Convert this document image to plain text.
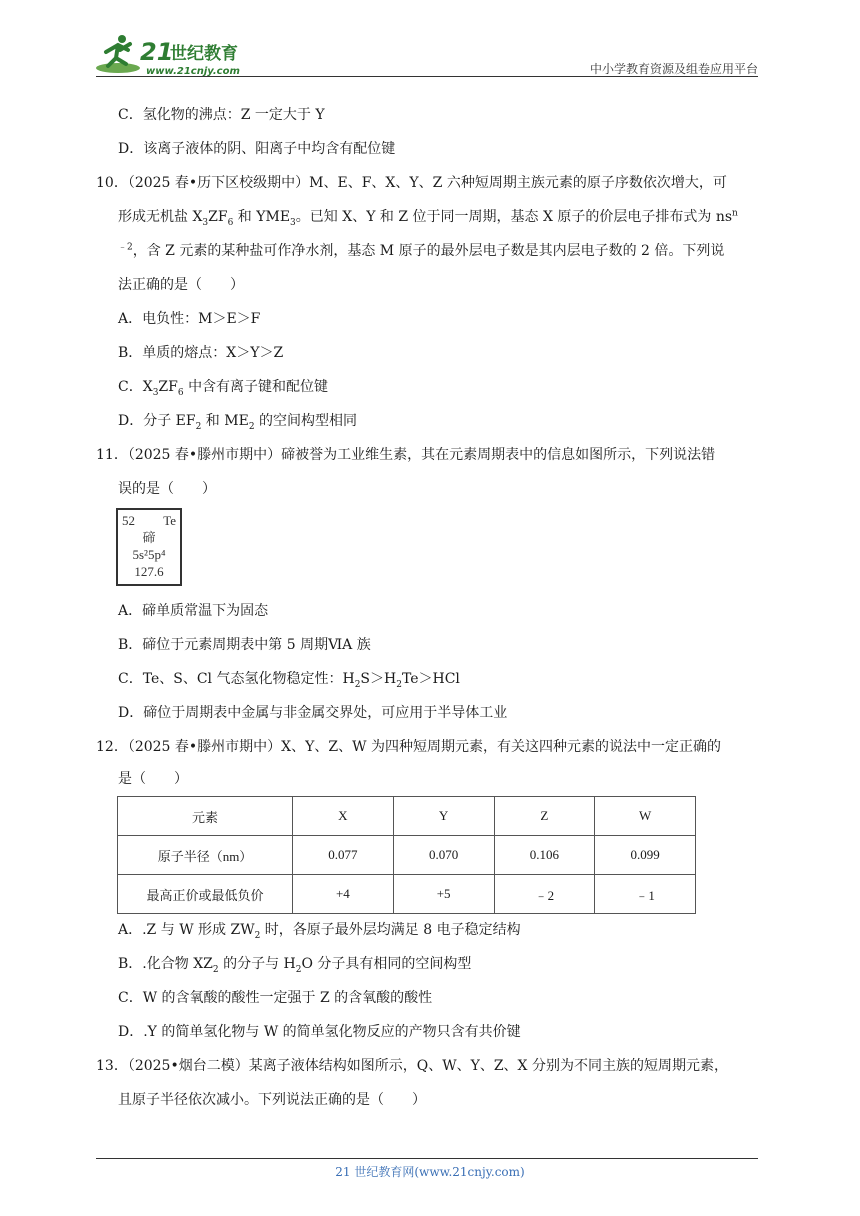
21
世纪教育
www.21cnjy.com	中小学教育资源及组卷应用平台
C．氢化物的沸点：Z 一定大于 Y
D．该离子液体的阴、阳离子中均含有配位键
10．（2025 春•历下区校级期中）M、E、F、X、Y、Z 六种短周期主族元素的原子序数依次增大，可
形成无机盐 $X_3ZF_6$ 和 $YME_3$。已知 X、Y 和 Z 位于同一周期，基态 X 原子的价层电子排布式为 $ns^n$
$^{﹣2}$，含 Z 元素的某种盐可作净水剂，基态 M 原子的最外层电子数是其内层电子数的 2 倍。下列说
法正确的是（　　）
A．电负性：M＞E＞F
B．单质的熔点：X＞Y＞Z
C．$X_3ZF_6$ 中含有离子键和配位键
D．分子 $EF_2$ 和 $ME_2$ 的空间构型相同
11．（2025 春•滕州市期中）碲被誉为工业维生素，其在元素周期表中的信息如图所示，下列说法错
误的是（　　）
52 Te
碲
5s²5p⁴
127.6
A．碲单质常温下为固态
B．碲位于元素周期表中第 5 周期ⅥA 族
C．Te、S、Cl 气态氢化物稳定性：$H_2S>H_2Te>HCl$
D．碲位于周期表中金属与非金属交界处，可应用于半导体工业
12．（2025 春•滕州市期中）X、Y、Z、W 为四种短周期元素，有关这四种元素的说法中一定正确的
是（　　）
元素	X	Y	Z	W
原子半径（nm）	0.077	0.070	0.106	0.099
最高正价或最低负价	+4	+5	﹣2	﹣1
A．.Z 与 W 形成 $ZW_2$ 时，各原子最外层均满足 8 电子稳定结构
B．.化合物 $XZ_2$ 的分子与 $H_2O$ 分子具有相同的空间构型
C．W 的含氧酸的酸性一定强于 Z 的含氧酸的酸性
D．.Y 的简单氢化物与 W 的简单氢化物反应的产物只含有共价键
13．（2025•烟台二模）某离子液体结构如图所示，Q、W、Y、Z、X 分别为不同主族的短周期元素，
且原子半径依次减小。下列说法正确的是（　　）
21 世纪教育网(www.21cnjy.com)
